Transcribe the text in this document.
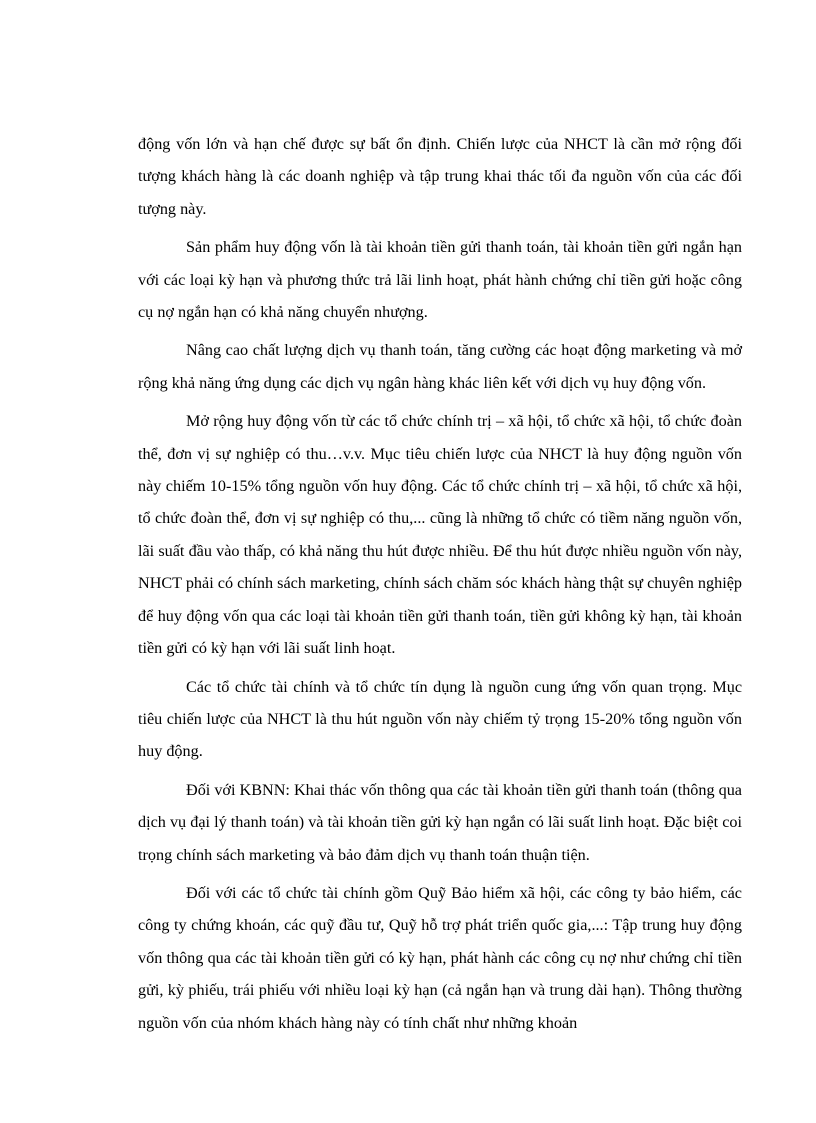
động vốn lớn và hạn chế được sự bất ổn định. Chiến lược của NHCT là cần mở rộng đối tượng khách hàng là các doanh nghiệp và tập trung khai thác tối đa nguồn vốn của các đối tượng này.

Sản phẩm huy động vốn là tài khoản tiền gửi thanh toán, tài khoản tiền gửi ngắn hạn với các loại kỳ hạn và phương thức trả lãi linh hoạt, phát hành chứng chỉ tiền gửi hoặc công cụ nợ ngắn hạn có khả năng chuyển nhượng.

Nâng cao chất lượng dịch vụ thanh toán, tăng cường các hoạt động marketing và mở rộng khả năng ứng dụng các dịch vụ ngân hàng khác liên kết với dịch vụ huy động vốn.

Mở rộng huy động vốn từ các tổ chức chính trị – xã hội, tổ chức xã hội, tổ chức đoàn thể, đơn vị sự nghiệp có thu…v.v. Mục tiêu chiến lược của NHCT là huy động nguồn vốn này chiếm 10-15% tổng nguồn vốn huy động. Các tổ chức chính trị – xã hội, tổ chức xã hội, tổ chức đoàn thể, đơn vị sự nghiệp có thu,... cũng là những tổ chức có tiềm năng nguồn vốn, lãi suất đầu vào thấp, có khả năng thu hút được nhiều. Để thu hút được nhiều nguồn vốn này, NHCT phải có chính sách marketing, chính sách chăm sóc khách hàng thật sự chuyên nghiệp để huy động vốn qua các loại tài khoản tiền gửi thanh toán, tiền gửi không kỳ hạn, tài khoản tiền gửi có kỳ hạn với lãi suất linh hoạt.

Các tổ chức tài chính và tổ chức tín dụng là nguồn cung ứng vốn quan trọng. Mục tiêu chiến lược của NHCT là thu hút nguồn vốn này chiếm tỷ trọng 15-20% tổng nguồn vốn huy động.

Đối với KBNN: Khai thác vốn thông qua các tài khoản tiền gửi thanh toán (thông qua dịch vụ đại lý thanh toán) và tài khoản tiền gửi kỳ hạn ngắn có lãi suất linh hoạt. Đặc biệt coi trọng chính sách marketing và bảo đảm dịch vụ thanh toán thuận tiện.

Đối với các tổ chức tài chính gồm Quỹ Bảo hiểm xã hội, các công ty bảo hiểm, các công ty chứng khoán, các quỹ đầu tư, Quỹ hỗ trợ phát triển quốc gia,...: Tập trung huy động vốn thông qua các tài khoản tiền gửi có kỳ hạn, phát hành các công cụ nợ như chứng chỉ tiền gửi, kỳ phiếu, trái phiếu với nhiều loại kỳ hạn (cả ngắn hạn và trung dài hạn). Thông thường nguồn vốn của nhóm khách hàng này có tính chất như những khoản
